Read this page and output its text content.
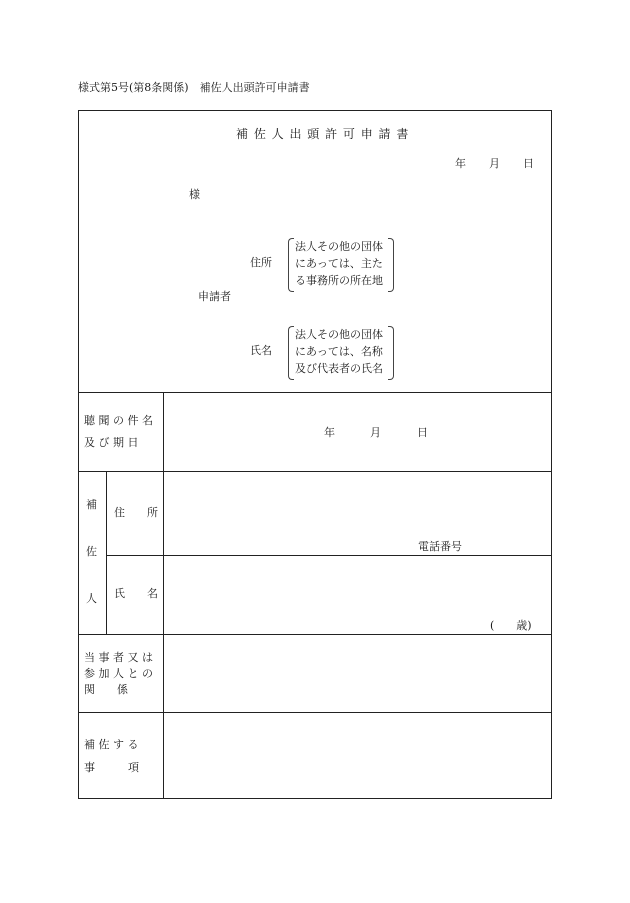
様式第5号(第8条関係)　補佐人出頭許可申請書
補 佐 人 出 頭 許 可 申 請 書
年 月 日
様
申請者
住所
法人その他の団体
にあっては、主た
る事務所の所在地
氏名
法人その他の団体
にあっては、名称
及び代表者の氏名
聴 聞 の 件 名
及 び 期 日
年	月	日
補
佐
人
住　　所
電話番号
氏　　名
(　　歳)
当 事 者 又 は
参 加 人 と の
関　　係
補 佐 す る
事　　　項
